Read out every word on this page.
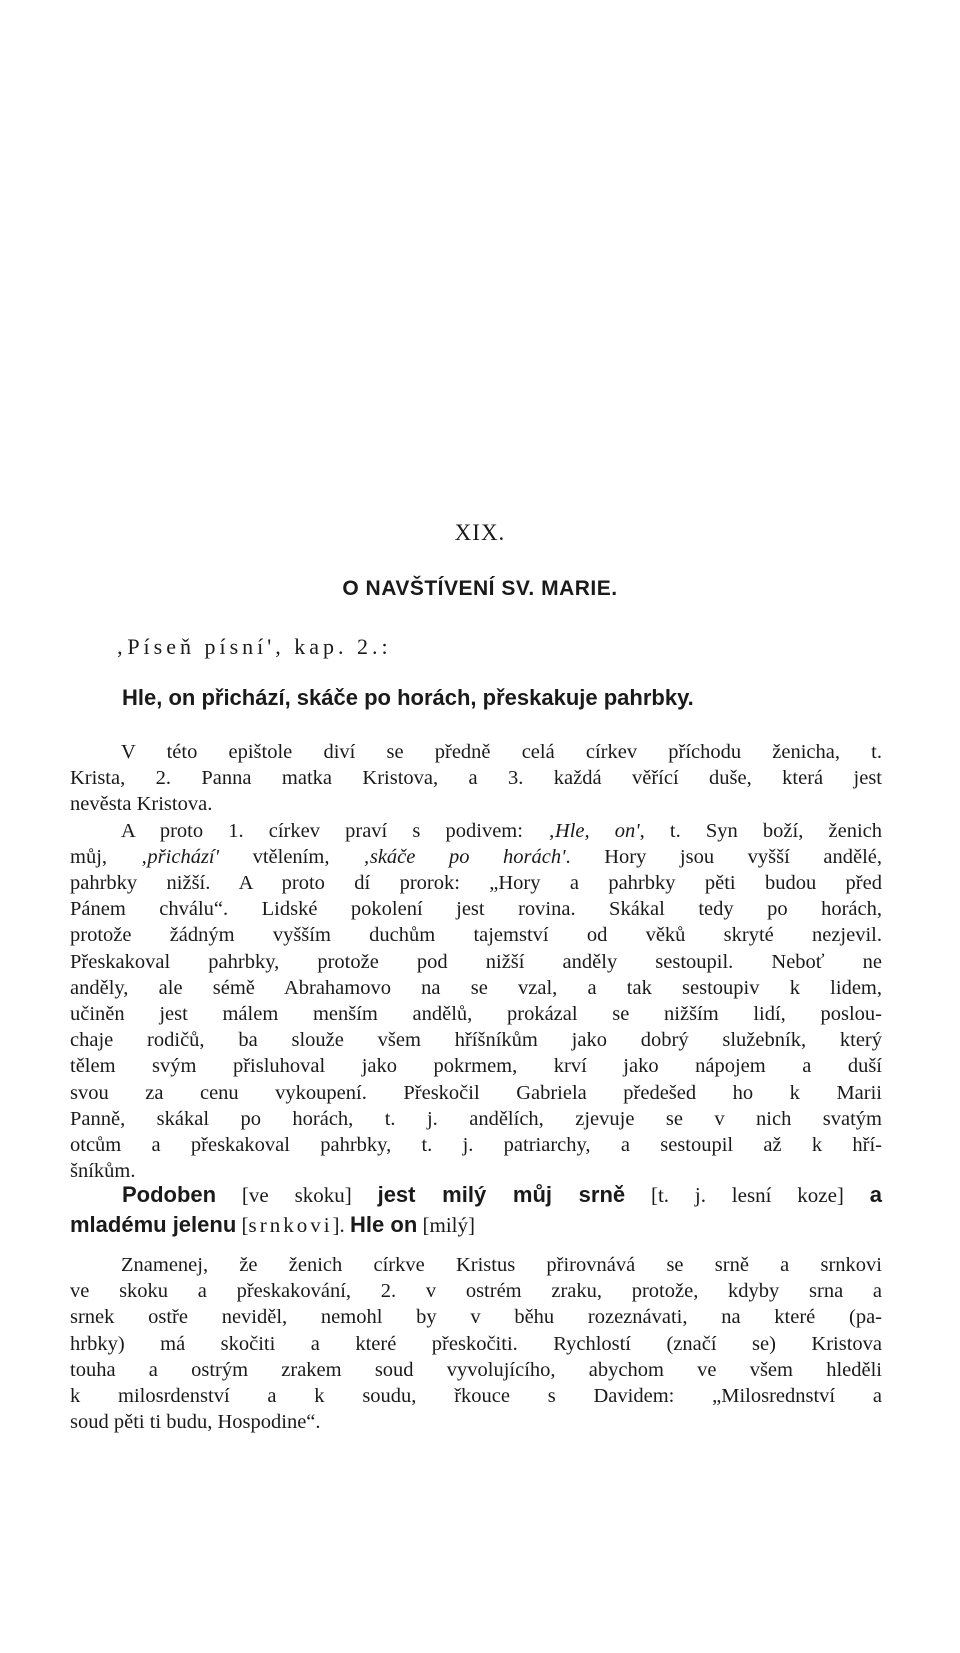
XIX.
O NAVŠTÍVENÍ SV. MARIE.
‚Píseň písní', kap. 2.:
Hle, on přichází, skáče po horách, přeskakuje pahrbky.
V této epištole diví se předně celá církev příchodu ženicha, t.
Krista, 2. Panna matka Kristova, a 3. každá věřící duše, která jest
nevěsta Kristova.
A proto 1. církev praví s podivem: ‚Hle, on', t. Syn boží, ženich
můj, ‚přichází' vtělením, ‚skáče po horách'. Hory jsou vyšší andělé,
pahrbky nižší. A proto dí prorok: „Hory a pahrbky pěti budou před
Pánem chválu“. Lidské pokolení jest rovina. Skákal tedy po horách,
protože žádným vyšším duchům tajemství od věků skryté nezjevil.
Přeskakoval pahrbky, protože pod nižší anděly sestoupil. Neboť ne
anděly, ale sémě Abrahamovo na se vzal, a tak sestoupiv k lidem,
učiněn jest málem menším andělů, prokázal se nižším lidí, poslou-
chaje rodičů, ba slouže všem hříšníkům jako dobrý služebník, který
tělem svým přisluhoval jako pokrmem, krví jako nápojem a duší
svou za cenu vykoupení. Přeskočil Gabriela předešed ho k Marii
Panně, skákal po horách, t. j. andělích, zjevuje se v nich svatým
otcům a přeskakoval pahrbky, t. j. patriarchy, a sestoupil až k hří-
šníkům.
Podoben [ve skoku] jest milý můj srně [t. j. lesní koze] a
mladému jelenu [srnkovi]. Hle on [milý]
Znamenej, že ženich církve Kristus přirovnává se srně a srnkovi
ve skoku a přeskakování, 2. v ostrém zraku, protože, kdyby srna a
srnek ostře neviděl, nemohl by v běhu rozeznávati, na které (pa-
hrbky) má skočiti a které přeskočiti. Rychlostí (značí se) Kristova
touha a ostrým zrakem soud vyvolujícího, abychom ve všem hleděli
k milosrdenství a k soudu, řkouce s Davidem: „Milosrednství a
soud pěti ti budu, Hospodine“.
